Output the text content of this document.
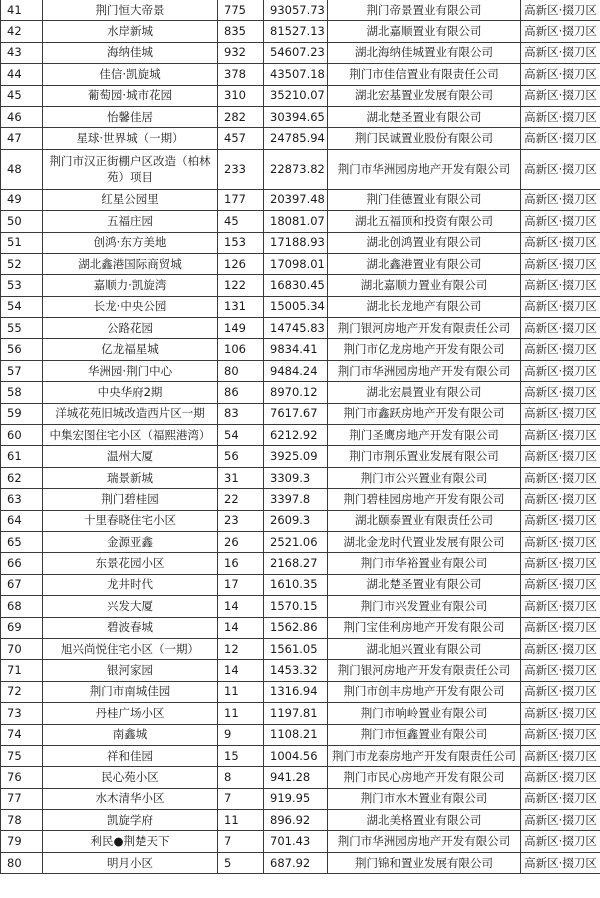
41	荆门恒大帝景	775	93057.73	荆门帝景置业有限公司	高新区·掇刀区
42	水岸新城	835	81527.13	湖北嘉顺置业有限公司	高新区·掇刀区
43	海纳佳城	932	54607.23	湖北海纳佳城置业有限公司	高新区·掇刀区
44	佳信·凯旋城	378	43507.18	荆门市佳信置业有限责任公司	高新区·掇刀区
45	葡萄园·城市花园	310	35210.07	湖北宏基置业发展有限公司	高新区·掇刀区
46	怡馨佳居	282	30394.65	湖北楚圣置业有限公司	高新区·掇刀区
47	星球·世界城（一期）	457	24785.94	荆门民诚置业股份有限公司	高新区·掇刀区
48	荆门市汉正街棚户区改造（柏林苑）项目	233	22873.82	荆门市华洲园房地产开发有限公司	高新区·掇刀区
49	红星公园里	177	20397.48	荆门佳德置业有限公司	高新区·掇刀区
50	五福庄园	45	18081.07	湖北五福顶和投资有限公司	高新区·掇刀区
51	创鸿·东方美地	153	17188.93	湖北创鸿置业有限公司	高新区·掇刀区
52	湖北鑫港国际商贸城	126	17098.01	湖北鑫港置业有限公司	高新区·掇刀区
53	嘉顺力·凯旋湾	122	16830.45	湖北嘉顺力置业有限公司	高新区·掇刀区
54	长龙·中央公园	131	15005.34	湖北长龙地产有限公司	高新区·掇刀区
55	公路花园	149	14745.83	荆门银河房地产开发有限责任公司	高新区·掇刀区
56	亿龙福星城	106	9834.41	荆门市亿龙房地产开发有限公司	高新区·掇刀区
57	华洲园·荆门中心	80	9484.24	荆门市华洲园房地产开发有限公司	高新区·掇刀区
58	中央华府2期	86	8970.12	湖北宏晨置业有限公司	高新区·掇刀区
59	洋城花苑旧城改造西片区一期	83	7617.67	荆门市鑫跃房地产开发有限公司	高新区·掇刀区
60	中集宏图住宅小区（福熙港湾）	54	6212.92	荆门圣鹰房地产开发有限公司	高新区·掇刀区
61	温州大厦	56	3925.09	荆门市荆乐置业发展有限公司	高新区·掇刀区
62	瑞景新城	31	3309.3	荆门市公兴置业有限公司	高新区·掇刀区
63	荆门碧桂园	22	3397.8	荆门碧桂园房地产开发有限公司	高新区·掇刀区
64	十里春晓住宅小区	23	2609.3	湖北颐泰置业有限责任公司	高新区·掇刀区
65	金源亚鑫	26	2521.06	湖北金龙时代置业发展有限公司	高新区·掇刀区
66	东景花园小区	16	2168.27	荆门市华裕置业有限公司	高新区·掇刀区
67	龙井时代	17	1610.35	湖北楚圣置业有限公司	高新区·掇刀区
68	兴发大厦	14	1570.15	荆门市兴发置业有限公司	高新区·掇刀区
69	碧波春城	14	1562.86	荆门宝佳利房地产开发有限公司	高新区·掇刀区
70	旭兴尚悦住宅小区（一期）	12	1561.05	湖北旭兴置业有限公司	高新区·掇刀区
71	银河家园	14	1453.32	荆门银河房地产开发有限责任公司	高新区·掇刀区
72	荆门市南城佳园	11	1316.94	荆门市创丰房地产开发有限公司	高新区·掇刀区
73	丹桂广场小区	11	1197.81	荆门市响岭置业有限公司	高新区·掇刀区
74	南鑫城	9	1108.21	荆门市恒鑫置业有限公司	高新区·掇刀区
75	祥和佳园	15	1004.56	荆门市龙泰房地产开发有限责任公司	高新区·掇刀区
76	民心苑小区	8	941.28	荆门市民心房地产开发有限公司	高新区·掇刀区
77	水木清华小区	7	919.95	荆门市水木置业有限公司	高新区·掇刀区
78	凯旋学府	11	896.92	湖北美格置业有限公司	高新区·掇刀区
79	利民●荆楚天下	7	701.43	荆门市华洲园房地产开发有限公司	高新区·掇刀区
80	明月小区	5	687.92	荆门锦和置业发展有限公司	高新区·掇刀区
